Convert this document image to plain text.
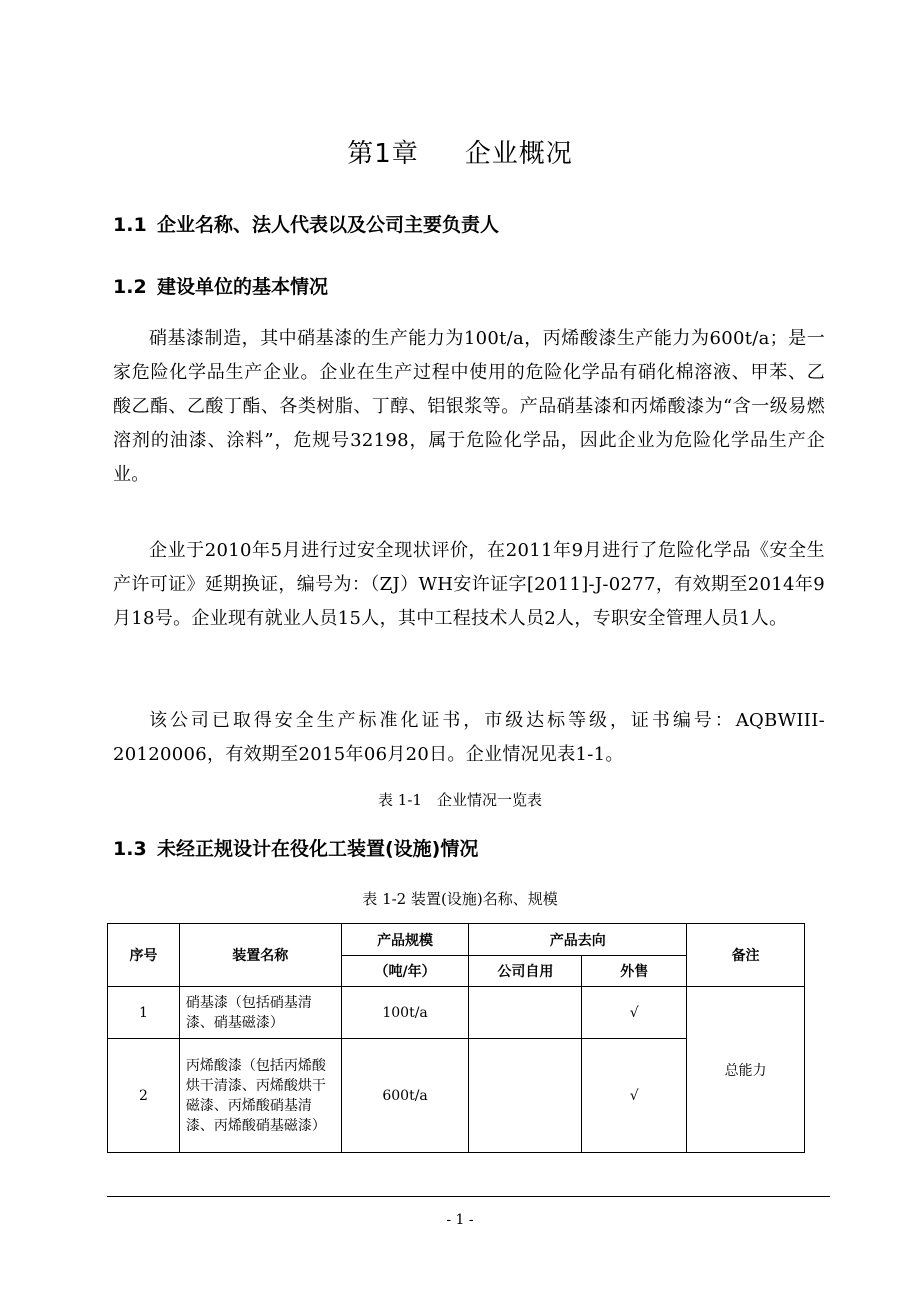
第1章 企业概况
1.1 企业名称、法人代表以及公司主要负责人
1.2 建设单位的基本情况

硝基漆制造，其中硝基漆的生产能力为100t/a，丙烯酸漆生产能力为600t/a；是一家危险化学品生产企业。企业在生产过程中使用的危险化学品有硝化棉溶液、甲苯、乙酸乙酯、乙酸丁酯、各类树脂、丁醇、铝银浆等。产品硝基漆和丙烯酸漆为“含一级易燃溶剂的油漆、涂料”，危规号32198，属于危险化学品，因此企业为危险化学品生产企业。

企业于2010年5月进行过安全现状评价，在2011年9月进行了危险化学品《安全生产许可证》延期换证，编号为：（ZJ）WH安许证字[2011]-J-0277，有效期至2014年9月18号。企业现有就业人员15人，其中工程技术人员2人，专职安全管理人员1人。

该公司已取得安全生产标准化证书，市级达标等级，证书编号：AQBWIII-20120006，有效期至2015年06月20日。企业情况见表1-1。

表 1-1　企业情况一览表
1.3 未经正规设计在役化工装置(设施)情况
表 1-2 装置(设施)名称、规模
序号	装置名称	产品规模	产品去向		备注
		（吨/年）	公司自用	外售	
1	硝基漆（包括硝基清漆、硝基磁漆）	100t/a		√	总能力
2	丙烯酸漆（包括丙烯酸烘干清漆、丙烯酸烘干磁漆、丙烯酸硝基清漆、丙烯酸硝基磁漆）	600t/a		√	
- 1 -
